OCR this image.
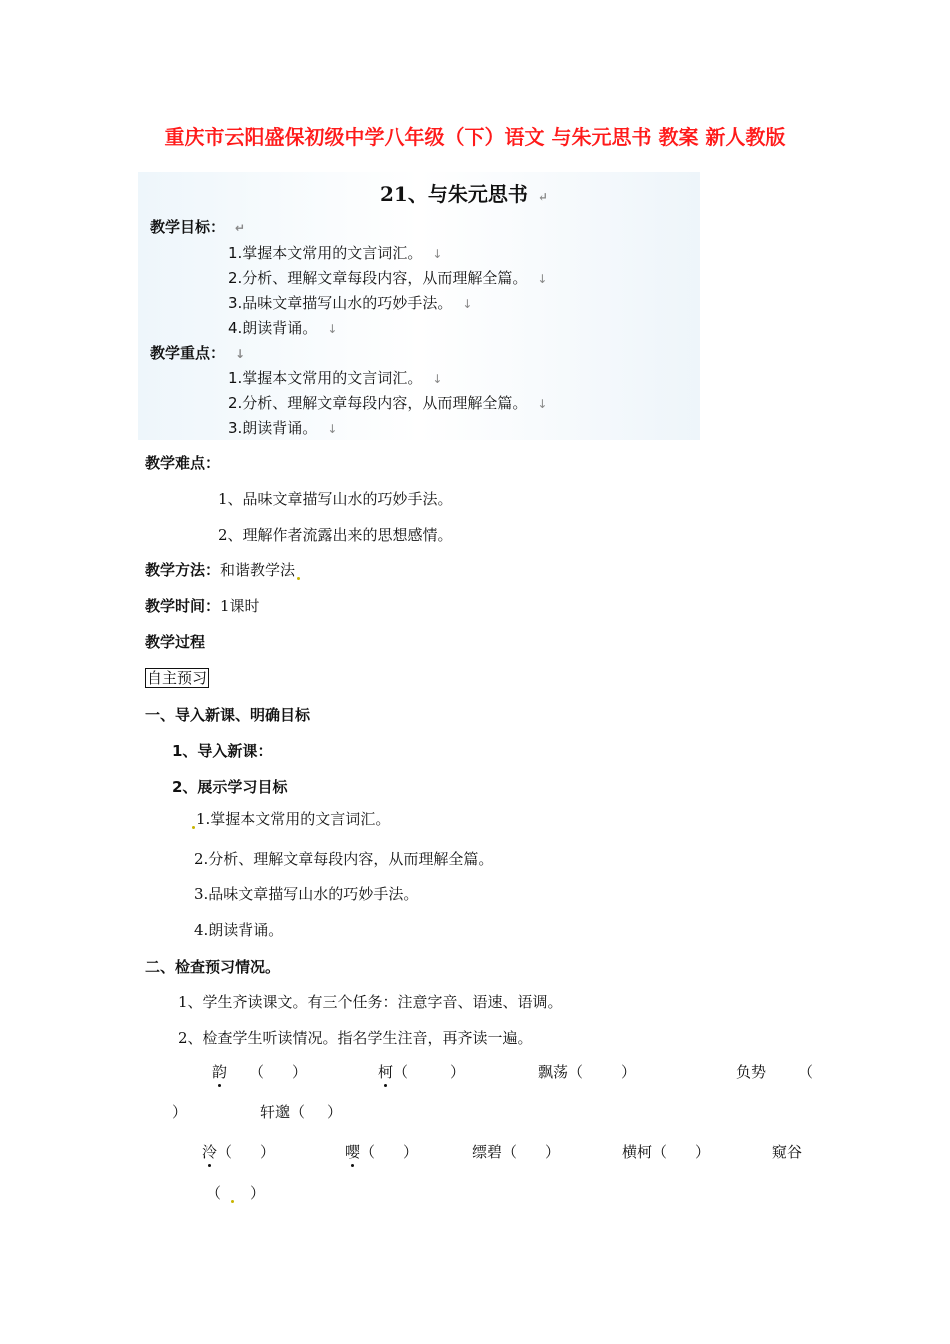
重庆市云阳盛保初级中学八年级（下）语文 与朱元思书 教案 新人教版
21、与朱元思书 ↵
教学目标： ↵
1.掌握本文常用的文言词汇。 ↓
2.分析、理解文章每段内容，从而理解全篇。 ↓
3.品味文章描写山水的巧妙手法。 ↓
4.朗读背诵。 ↓
教学重点： ↓
1.掌握本文常用的文言词汇。 ↓
2.分析、理解文章每段内容，从而理解全篇。 ↓
3.朗读背诵。 ↓
教学难点：
1、品味文章描写山水的巧妙手法。
2、理解作者流露出来的思想感情。
教学方法：和谐教学法
教学时间：1课时
教学过程
自主预习
一、导入新课、明确目标
1、导入新课：
2、展示学习目标
1.掌握本文常用的文言词汇。
2.分析、理解文章每段内容，从而理解全篇。
3.品味文章描写山水的巧妙手法。
4.朗读背诵。
二、检查预习情况。
1、学生齐读课文。有三个任务：注意字音、语速、语调。
2、检查学生听读情况。指名学生注音，再齐读一遍。
韵 （ ）	柯（	）	飘荡（	）	负势 （
）	轩邈（ ）
泠（ ）	嘤（ ）	缥碧（ ）	横柯（ ）	窥谷
（ ）
